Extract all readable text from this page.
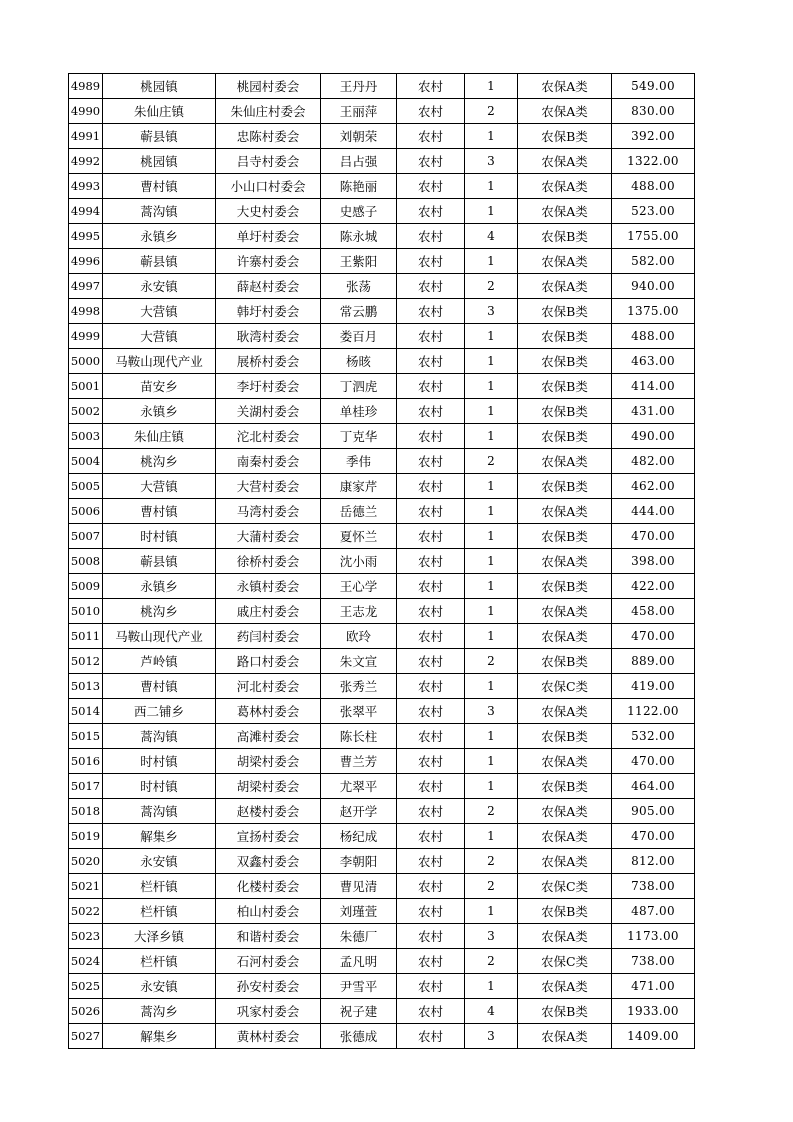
4989	桃园镇	桃园村委会	王丹丹	农村	1	农保A类	549.00
4990	朱仙庄镇	朱仙庄村委会	王丽萍	农村	2	农保A类	830.00
4991	蕲县镇	忠陈村委会	刘朝荣	农村	1	农保B类	392.00
4992	桃园镇	吕寺村委会	吕占强	农村	3	农保A类	1322.00
4993	曹村镇	小山口村委会	陈艳丽	农村	1	农保A类	488.00
4994	蒿沟镇	大史村委会	史感子	农村	1	农保A类	523.00
4995	永镇乡	单圩村委会	陈永城	农村	4	农保B类	1755.00
4996	蕲县镇	许寨村委会	王紫阳	农村	1	农保A类	582.00
4997	永安镇	薛赵村委会	张荡	农村	2	农保A类	940.00
4998	大营镇	韩圩村委会	常云鹏	农村	3	农保B类	1375.00
4999	大营镇	耿湾村委会	娄百月	农村	1	农保B类	488.00
5000	马鞍山现代产业	展桥村委会	杨晐	农村	1	农保B类	463.00
5001	苗安乡	李圩村委会	丁泗虎	农村	1	农保B类	414.00
5002	永镇乡	关湖村委会	单桂珍	农村	1	农保B类	431.00
5003	朱仙庄镇	沱北村委会	丁克华	农村	1	农保B类	490.00
5004	桃沟乡	南秦村委会	季伟	农村	2	农保A类	482.00
5005	大营镇	大营村委会	康家芹	农村	1	农保B类	462.00
5006	曹村镇	马湾村委会	岳德兰	农村	1	农保A类	444.00
5007	时村镇	大蒲村委会	夏怀兰	农村	1	农保B类	470.00
5008	蕲县镇	徐桥村委会	沈小雨	农村	1	农保A类	398.00
5009	永镇乡	永镇村委会	王心学	农村	1	农保B类	422.00
5010	桃沟乡	戚庄村委会	王志龙	农村	1	农保A类	458.00
5011	马鞍山现代产业	药闫村委会	欧玲	农村	1	农保A类	470.00
5012	芦岭镇	路口村委会	朱文宣	农村	2	农保B类	889.00
5013	曹村镇	河北村委会	张秀兰	农村	1	农保C类	419.00
5014	西二铺乡	葛林村委会	张翠平	农村	3	农保A类	1122.00
5015	蒿沟镇	高滩村委会	陈长柱	农村	1	农保B类	532.00
5016	时村镇	胡梁村委会	曹兰芳	农村	1	农保A类	470.00
5017	时村镇	胡梁村委会	尤翠平	农村	1	农保B类	464.00
5018	蒿沟镇	赵楼村委会	赵开学	农村	2	农保A类	905.00
5019	解集乡	宣扬村委会	杨纪成	农村	1	农保A类	470.00
5020	永安镇	双鑫村委会	李朝阳	农村	2	农保A类	812.00
5021	栏杆镇	化楼村委会	曹见清	农村	2	农保C类	738.00
5022	栏杆镇	柏山村委会	刘瑾萱	农村	1	农保B类	487.00
5023	大泽乡镇	和谐村委会	朱德厂	农村	3	农保A类	1173.00
5024	栏杆镇	石河村委会	孟凡明	农村	2	农保C类	738.00
5025	永安镇	孙安村委会	尹雪平	农村	1	农保A类	471.00
5026	蒿沟乡	巩家村委会	祝子建	农村	4	农保B类	1933.00
5027	解集乡	黄林村委会	张德成	农村	3	农保A类	1409.00
